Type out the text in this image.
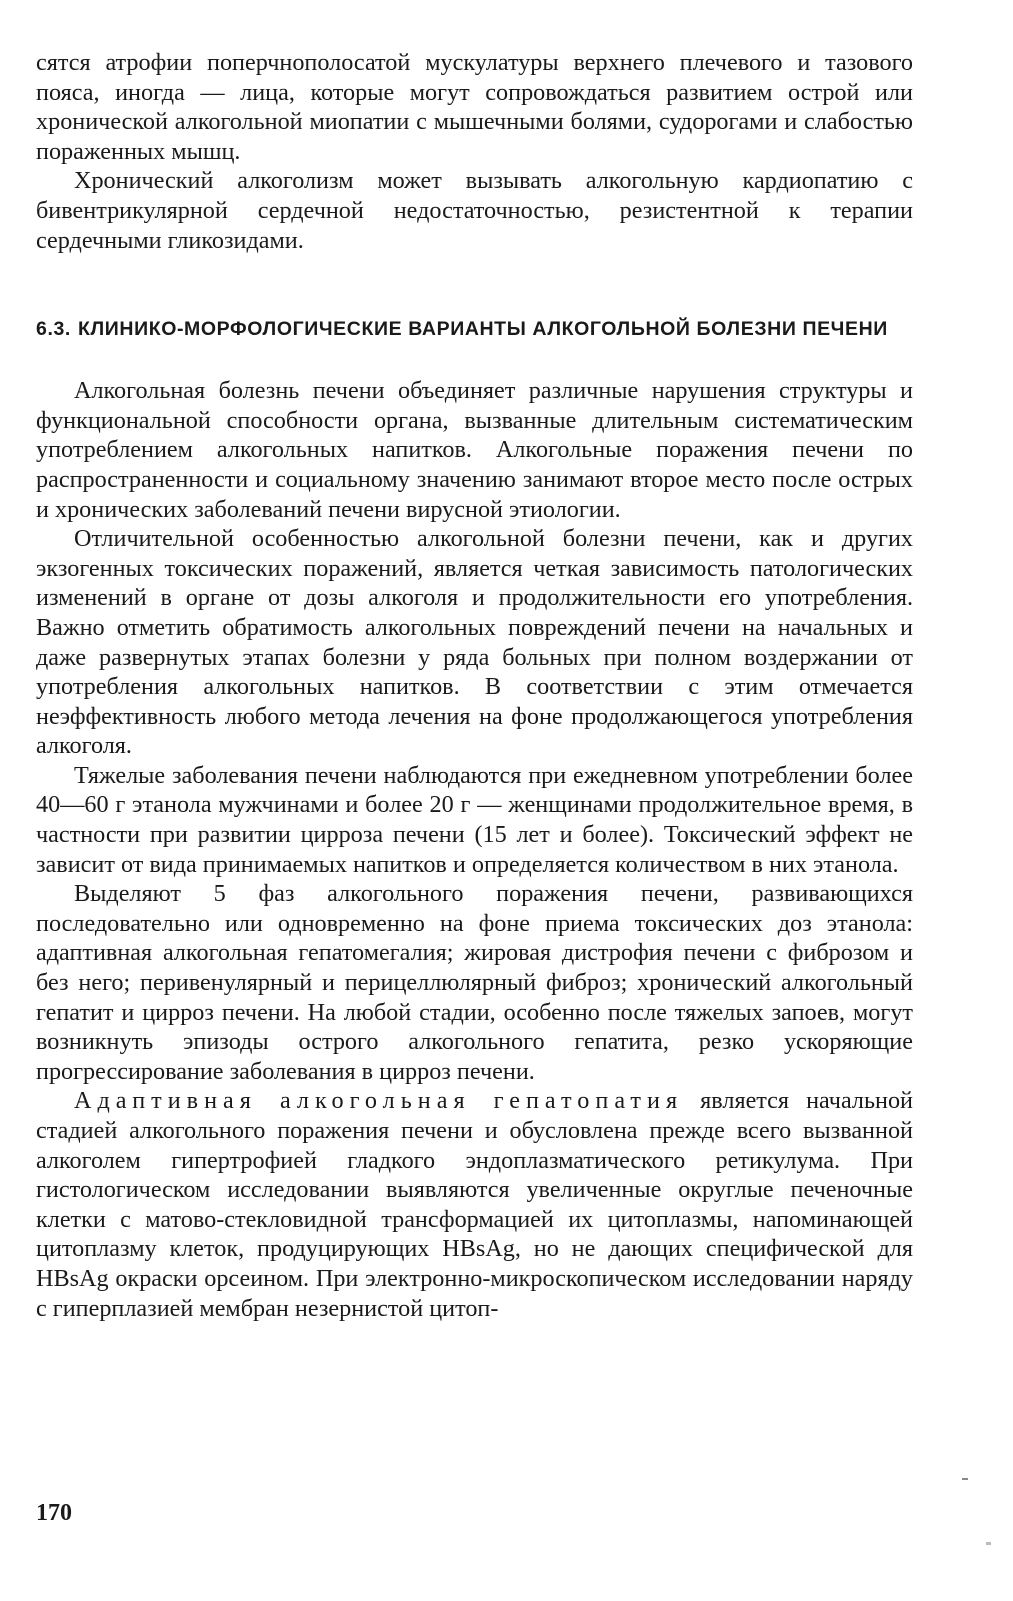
сятся атрофии поперчнополосатой мускулатуры верхнего плечевого и тазового пояса, иногда — лица, которые могут сопровождаться развитием острой или хронической алкогольной миопатии с мышечными болями, судорогами и слабостью пораженных мышц.

Хронический алкоголизм может вызывать алкогольную кардиопатию с бивентрикулярной сердечной недостаточностью, резистентной к терапии сердечными гликозидами.

6.3. КЛИНИКО-МОРФОЛОГИЧЕСКИЕ ВАРИАНТЫ АЛКОГОЛЬНОЙ БОЛЕЗНИ ПЕЧЕНИ

Алкогольная болезнь печени объединяет различные нарушения структуры и функциональной способности органа, вызванные длительным систематическим употреблением алкогольных напитков. Алкогольные поражения печени по распространенности и социальному значению занимают второе место после острых и хронических заболеваний печени вирусной этиологии.

Отличительной особенностью алкогольной болезни печени, как и других экзогенных токсических поражений, является четкая зависимость патологических изменений в органе от дозы алкоголя и продолжительности его употребления. Важно отметить обратимость алкогольных повреждений печени на начальных и даже развернутых этапах болезни у ряда больных при полном воздержании от употребления алкогольных напитков. В соответствии с этим отмечается неэффективность любого метода лечения на фоне продолжающегося употребления алкоголя.

Тяжелые заболевания печени наблюдаются при ежедневном употреблении более 40—60 г этанола мужчинами и более 20 г — женщинами продолжительное время, в частности при развитии цирроза печени (15 лет и более). Токсический эффект не зависит от вида принимаемых напитков и определяется количеством в них этанола.

Выделяют 5 фаз алкогольного поражения печени, развивающихся последовательно или одновременно на фоне приема токсических доз этанола: адаптивная алкогольная гепатомегалия; жировая дистрофия печени с фиброзом и без него; перивенулярный и перицеллюлярный фиброз; хронический алкогольный гепатит и цирроз печени. На любой стадии, особенно после тяжелых запоев, могут возникнуть эпизоды острого алкогольного гепатита, резко ускоряющие прогрессирование заболевания в цирроз печени.

Адаптивная алкогольная гепатопатия является начальной стадией алкогольного поражения печени и обусловлена прежде всего вызванной алкоголем гипертрофией гладкого эндоплазматического ретикулума. При гистологическом исследовании выявляются увеличенные округлые печеночные клетки с матово-стекловидной трансформацией их цитоплазмы, напоминающей цитоплазму клеток, продуцирующих HBsAg, но не дающих специфической для HBsAg окраски орсеином. При электронно-микроскопическом исследовании наряду с гиперплазией мембран незернистой цитоп-

170
